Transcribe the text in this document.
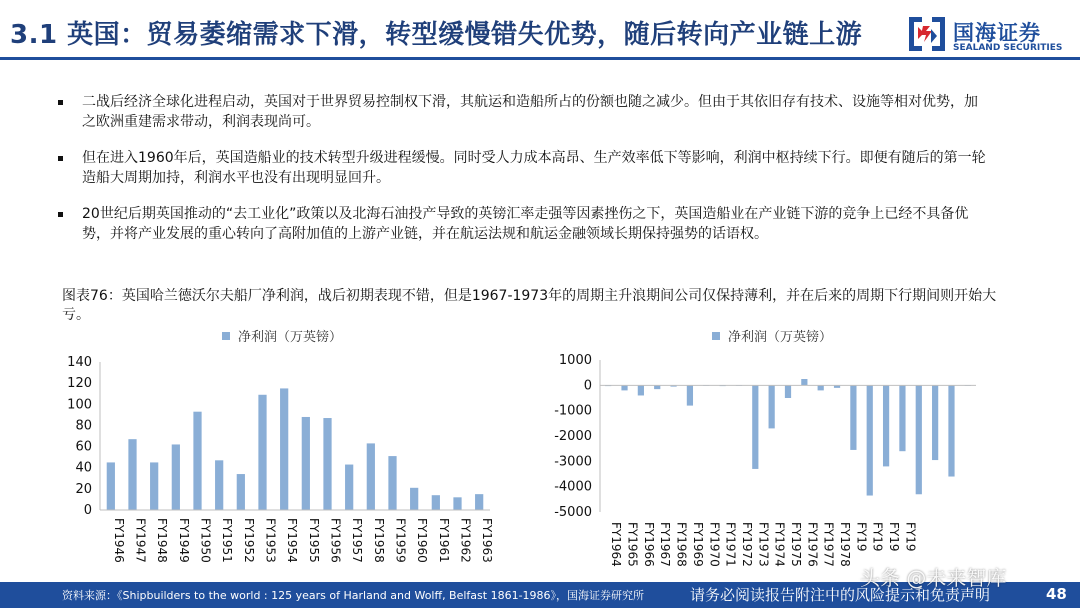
3.1 英国：贸易萎缩需求下滑，转型缓慢错失优势，随后转向产业链上游	国海证券
SEALAND SECURITIES
二战后经济全球化进程启动，英国对于世界贸易控制权下滑，其航运和造船所占的份额也随之减少。但由于其依旧存有技术、设施等相对优势，加之欧洲重建需求带动，利润表现尚可。
但在进入1960年后，英国造船业的技术转型升级进程缓慢。同时受人力成本高昂、生产效率低下等影响，利润中枢持续下行。即便有随后的第一轮造船大周期加持，利润水平也没有出现明显回升。
20世纪后期英国推动的“去工业化”政策以及北海石油投产导致的英镑汇率走强等因素挫伤之下，英国造船业在产业链下游的竞争上已经不具备优势，并将产业发展的重心转向了高附加值的上游产业链，并在航运法规和航运金融领域长期保持强势的话语权。
图表76：英国哈兰德沃尔夫船厂净利润，战后初期表现不错，但是1967-1973年的周期主升浪期间公司仅保持薄利，并在后来的周期下行期间则开始大亏。
净利润（万英镑）
0
20
40
60
80
100
120
140
FY1946 FY1947 FY1948 FY1949 FY1950 FY1951 FY1952 FY1953 FY1954 FY1955 FY1956 FY1957 FY1958 FY1959 FY1960 FY1961 FY1962 FY1963
净利润（万英镑）
1000
0
-1000
-2000
-3000
-4000
-5000
FY1964 FY1965 FY1966 FY1967 FY1968 FY1969 FY1970 FY1971 FY1972 FY1973 FY1974 FY1975 FY1976 FY1977 FY1978 FY19 FY19 FY19 FY19
资料来源：《Shipbuilders to the world : 125 years of Harland and Wolff, Belfast 1861-1986》，国海证券研究所	请务必阅读报告附注中的风险提示和免责声明	48
头条 @未来智库
